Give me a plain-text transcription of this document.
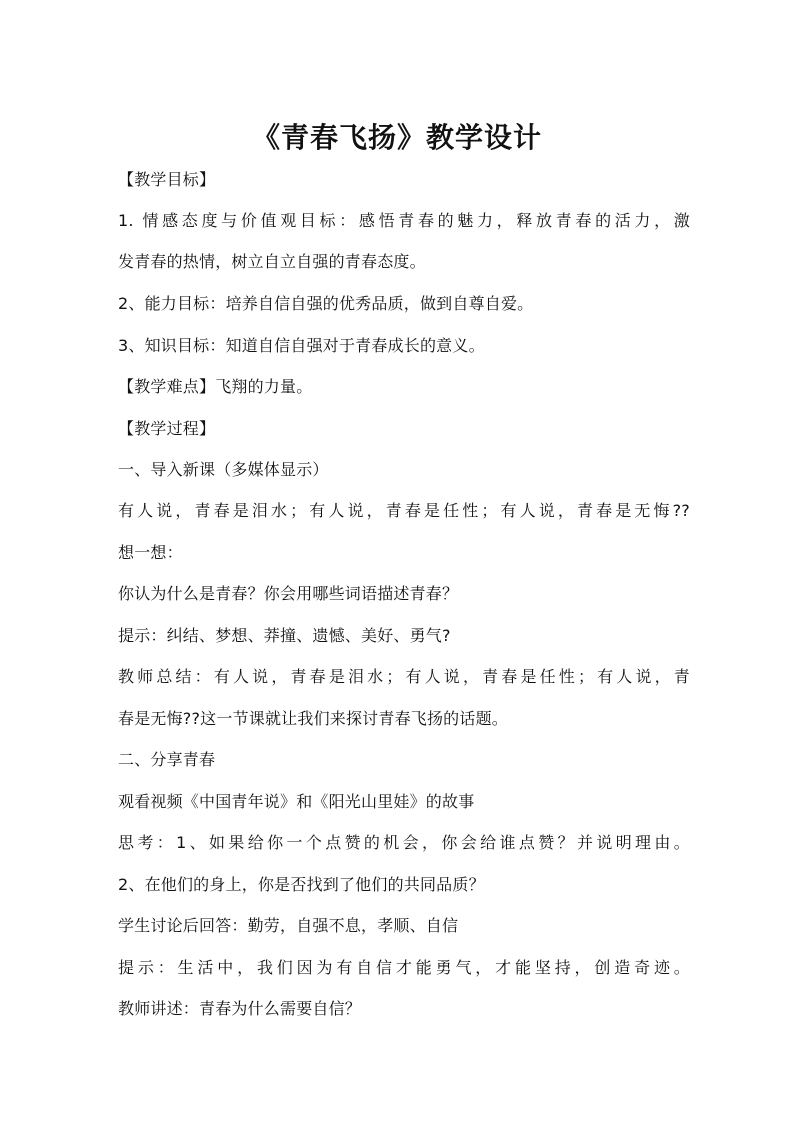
《青春飞扬》教学设计
【教学目标】
1. 情感态度与价值观目标：感悟青春的魅力，释放青春的活力，激
发青春的热情，树立自立自强的青春态度。
2、能力目标：培养自信自强的优秀品质，做到自尊自爱。
3、知识目标：知道自信自强对于青春成长的意义。
【教学难点】飞翔的力量。
【教学过程】
一、导入新课（多媒体显示）
有人说，青春是泪水；有人说，青春是任性；有人说，青春是无悔??
想一想：
你认为什么是青春？你会用哪些词语描述青春？
提示：纠结、梦想、莽撞、遗憾、美好、勇气?
教师总结：有人说，青春是泪水；有人说，青春是任性；有人说，青
春是无悔??这一节课就让我们来探讨青春飞扬的话题。
二、分享青春
观看视频《中国青年说》和《阳光山里娃》的故事
思考：1、如果给你一个点赞的机会，你会给谁点赞？并说明理由。
2、在他们的身上，你是否找到了他们的共同品质？
学生讨论后回答：勤劳，自强不息，孝顺、自信
提示：生活中，我们因为有自信才能勇气，才能坚持，创造奇迹。
教师讲述：青春为什么需要自信？
